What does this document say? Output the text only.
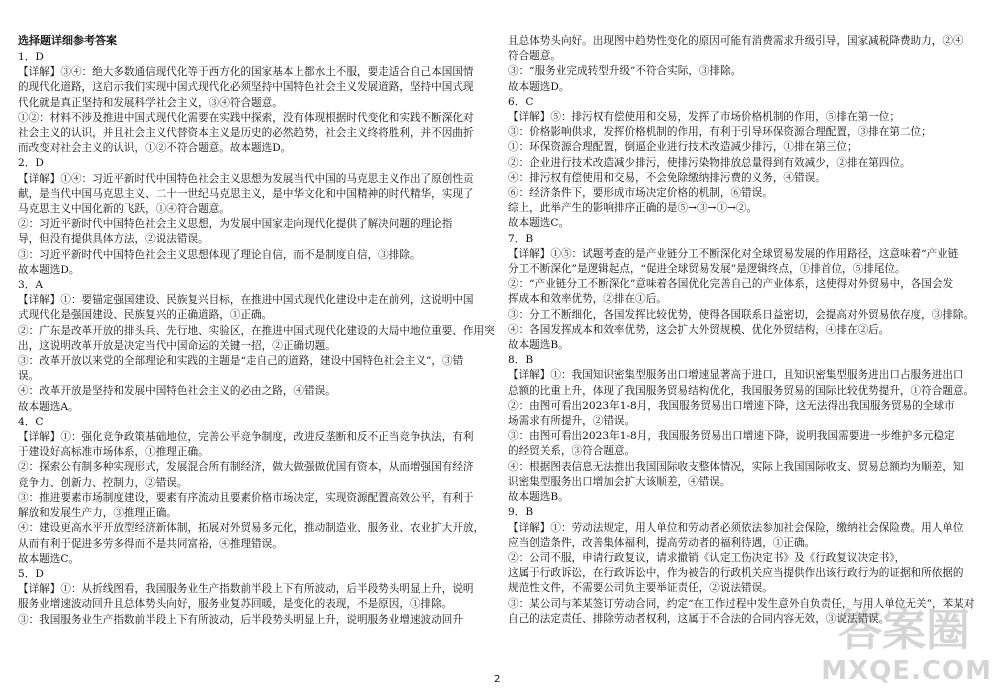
选择题详细参考答案
1．D
【详解】③④：绝大多数通信现代化等于西方化的国家基本上都水土不服，要走适合自己本国国情
的现代化道路，这启示我们实现中国式现代化必须坚持中国特色社会主义发展道路，坚持中国式现
代化就是真正坚持和发展科学社会主义，③④符合题意。
①②：材料不涉及推进中国式现代化需要在实践中探索，没有体现根据时代变化和实践不断深化对
社会主义的认识，并且社会主义代替资本主义是历史的必然趋势，社会主义终将胜利，并不因曲折
而改变对社会主义的认识，①②不符合题意。故本题选D。
2．D
【详解】①④：习近平新时代中国特色社会主义思想为发展当代中国的马克思主义作出了原创性贡
献，是当代中国马克思主义、二十一世纪马克思主义，是中华文化和中国精神的时代精华，实现了
马克思主义中国化新的飞跃，①④符合题意。
②：习近平新时代中国特色社会主义思想，为发展中国家走向现代化提供了解决问题的理论指
导，但没有提供具体方法，②说法错误。
③：习近平新时代中国特色社会主义思想体现了理论自信，而不是制度自信，③排除。
故本题选D。
3．A
【详解】①：要锚定强国建设、民族复兴目标，在推进中国式现代化建设中走在前列，这说明中国
式现代化是强国建设、民族复兴的正确道路，①正确。
②：广东是改革开放的排头兵、先行地、实验区，在推进中国式现代化建设的大局中地位重要、作用突
出，这说明改革开放是决定当代中国命运的关键一招，②正确切题。
③：改革开放以来党的全部理论和实践的主题是“走自己的道路，建设中国特色社会主义”，③错
误。
④：改革开放是坚持和发展中国特色社会主义的必由之路，④错误。
故本题选A。
4．C
【详解】①：强化竞争政策基础地位，完善公平竞争制度，改进反垄断和反不正当竞争执法，有利
于建设好高标准市场体系，①推理正确。
②：探索公有制多种实现形式，发展混合所有制经济，做大做强做优国有资本，从而增强国有经济
竞争力、创新力、控制力，②错误。
③：推进要素市场制度建设，要素有序流动且要素价格市场决定，实现资源配置高效公平，有利于
解放和发展生产力，③推理正确。
④：建设更高水平开放型经济新体制，拓展对外贸易多元化，推动制造业、服务业、农业扩大开放，
从而有利于促进多劳多得而不是共同富裕，④推理错误。
故本题选C。
5．D
【详解】①：从折线图看，我国服务业生产指数前半段上下有所波动，后半段势头明显上升，说明
服务业增速波动回升且总体势头向好，服务业复苏回暖，是变化的表现，不是原因，①排除。
③：我国服务业生产指数前半段上下有所波动，后半段势头明显上升，说明服务业增速波动回升
且总体势头向好。出现图中趋势性变化的原因可能有消费需求升级引导，国家减税降费助力，②④
符合题意。
③：“服务业完成转型升级”不符合实际，③排除。
故本题选D。
6．C
【详解】⑤：排污权有偿使用和交易，发挥了市场价格机制的作用，⑤排在第一位；
③：价格影响供求，发挥价格机制的作用，有利于引导环保资源合理配置，③排在第二位；
①：环保资源合理配置，倒逼企业进行技术改造减少排污，①排在第三位；
②：企业进行技术改造减少排污，使排污染物排放总量得到有效减少，②排在第四位。
④：排污权有偿使用和交易，不会免除缴纳排污费的义务，④错误。
⑥：经济条件下，要形成市场决定价格的机制，⑥错误。
综上，此举产生的影响排序正确的是⑤→③→①→②。
故本题选C。
7．B
【详解】①⑤：试题考查的是产业链分工不断深化对全球贸易发展的作用路径，这意味着“产业链
分工不断深化”是逻辑起点，“促进全球贸易发展”是逻辑终点，①排首位，⑤排尾位。
②：“产业链分工不断深化”意味着各国优化完善自己的产业体系，这使得对外贸易中，各国会发
挥成本和效率优势，②排在①后。
③：分工不断细化，各国发挥比较优势，使得各国联系日益密切，会提高对外贸易依存度，③排除。
④：各国发挥成本和效率优势，这会扩大外贸规模、优化外贸结构，④排在②后。
故本题选B。
8．B
【详解】①：我国知识密集型服务出口增速显著高于进口，且知识密集型服务进出口占服务进出口
总额的比重上升，体现了我国服务贸易结构优化，我国服务贸易的国际比较优势提升，①符合题意。
②：由图可看出2023年1-8月，我国服务贸易出口增速下降，这无法得出我国服务贸易的全球市
场需求有所提升，②错误。
③：由图可看出2023年1-8月，我国服务贸易出口增速下降，说明我国需要进一步维护多元稳定
的经贸关系，③符合题意。
④：根据图表信息无法推出我国国际收支整体情况，实际上我国国际收支、贸易总额均为顺差，知
识密集型服务出口增加会扩大该顺差，④错误。
故本题选B。
9．B
【详解】①：劳动法规定，用人单位和劳动者必须依法参加社会保险，缴纳社会保险费。用人单位
应当创造条件，改善集体福利，提高劳动者的福利待遇，①正确。
②：公司不服，申请行政复议，请求撤销《认定工伤决定书》及《行政复议决定书》，
这属于行政诉讼，在行政诉讼中，作为被告的行政机关应当提供作出该行政行为的证据和所依据的
规范性文件，不需要公司负主要举证责任，②说法错误。
③：某公司与苯某签订劳动合同，约定“在工作过程中发生意外自负责任，与用人单位无关”，苯某对
自己的法定责任、排除劳动者权利，这属于不合法的合同内容无效，③说法错误。
2
答案圈
MXQE.COM
